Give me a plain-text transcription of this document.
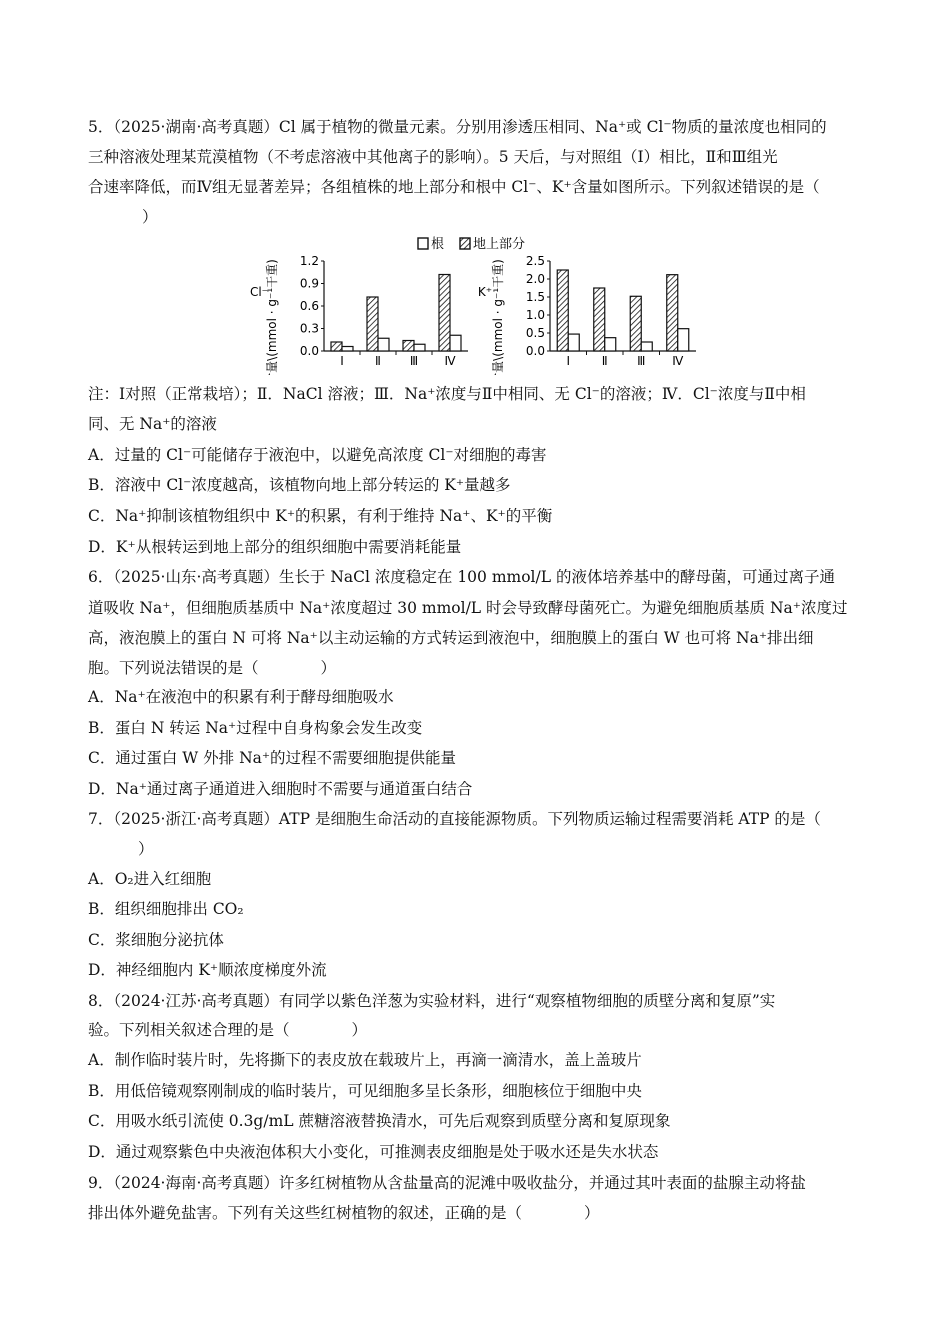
5．（2025·湖南·高考真题）Cl 属于植物的微量元素。分别用渗透压相同、Na⁺或 Cl⁻物质的量浓度也相同的
三种溶液处理某荒漠植物（不考虑溶液中其他离子的影响）。5 天后，与对照组（Ⅰ）相比，Ⅱ和Ⅲ组光
合速率降低，而Ⅳ组无显著差异；各组植株的地上部分和根中 Cl⁻、K⁺含量如图所示。下列叙述错误的是（
）
根 地上部分
0.0
0.3
0.6
0.9
1.2
Cl⁻
含量\(mmol · g⁻¹干重)	Ⅰ	Ⅱ Ⅲ Ⅳ
0.0
0.5
1.0
1.5
2.0
2.5
K⁺
含量\(mmol · g⁻¹干重)	Ⅰ	Ⅱ Ⅲ Ⅳ
注：Ⅰ对照（正常栽培）；Ⅱ．NaCl 溶液；Ⅲ．Na⁺浓度与Ⅱ中相同、无 Cl⁻的溶液；Ⅳ．Cl⁻浓度与Ⅱ中相
同、无 Na⁺的溶液
A．过量的 Cl⁻可能储存于液泡中，以避免高浓度 Cl⁻对细胞的毒害
B．溶液中 Cl⁻浓度越高，该植物向地上部分转运的 K⁺量越多
C．Na⁺抑制该植物组织中 K⁺的积累，有利于维持 Na⁺、K⁺的平衡
D．K⁺从根转运到地上部分的组织细胞中需要消耗能量
6．（2025·山东·高考真题）生长于 NaCl 浓度稳定在 100 mmol/L 的液体培养基中的酵母菌，可通过离子通
道吸收 Na⁺，但细胞质基质中 Na⁺浓度超过 30 mmol/L 时会导致酵母菌死亡。为避免细胞质基质 Na⁺浓度过
高，液泡膜上的蛋白 N 可将 Na⁺以主动运输的方式转运到液泡中，细胞膜上的蛋白 W 也可将 Na⁺排出细
胞。下列说法错误的是（　　　　）
A．Na⁺在液泡中的积累有利于酵母细胞吸水
B．蛋白 N 转运 Na⁺过程中自身构象会发生改变
C．通过蛋白 W 外排 Na⁺的过程不需要细胞提供能量
D．Na⁺通过离子通道进入细胞时不需要与通道蛋白结合
7．（2025·浙江·高考真题）ATP 是细胞生命活动的直接能源物质。下列物质运输过程需要消耗 ATP 的是（
）
A．O₂进入红细胞
B．组织细胞排出 CO₂
C．浆细胞分泌抗体
D．神经细胞内 K⁺顺浓度梯度外流
8．（2024·江苏·高考真题）有同学以紫色洋葱为实验材料，进行“观察植物细胞的质壁分离和复原”实
验。下列相关叙述合理的是（　　　　）
A．制作临时装片时，先将撕下的表皮放在载玻片上，再滴一滴清水，盖上盖玻片
B．用低倍镜观察刚制成的临时装片，可见细胞多呈长条形，细胞核位于细胞中央
C．用吸水纸引流使 0.3g/mL 蔗糖溶液替换清水，可先后观察到质壁分离和复原现象
D．通过观察紫色中央液泡体积大小变化，可推测表皮细胞是处于吸水还是失水状态
9．（2024·海南·高考真题）许多红树植物从含盐量高的泥滩中吸收盐分，并通过其叶表面的盐腺主动将盐
排出体外避免盐害。下列有关这些红树植物的叙述，正确的是（　　　　）
